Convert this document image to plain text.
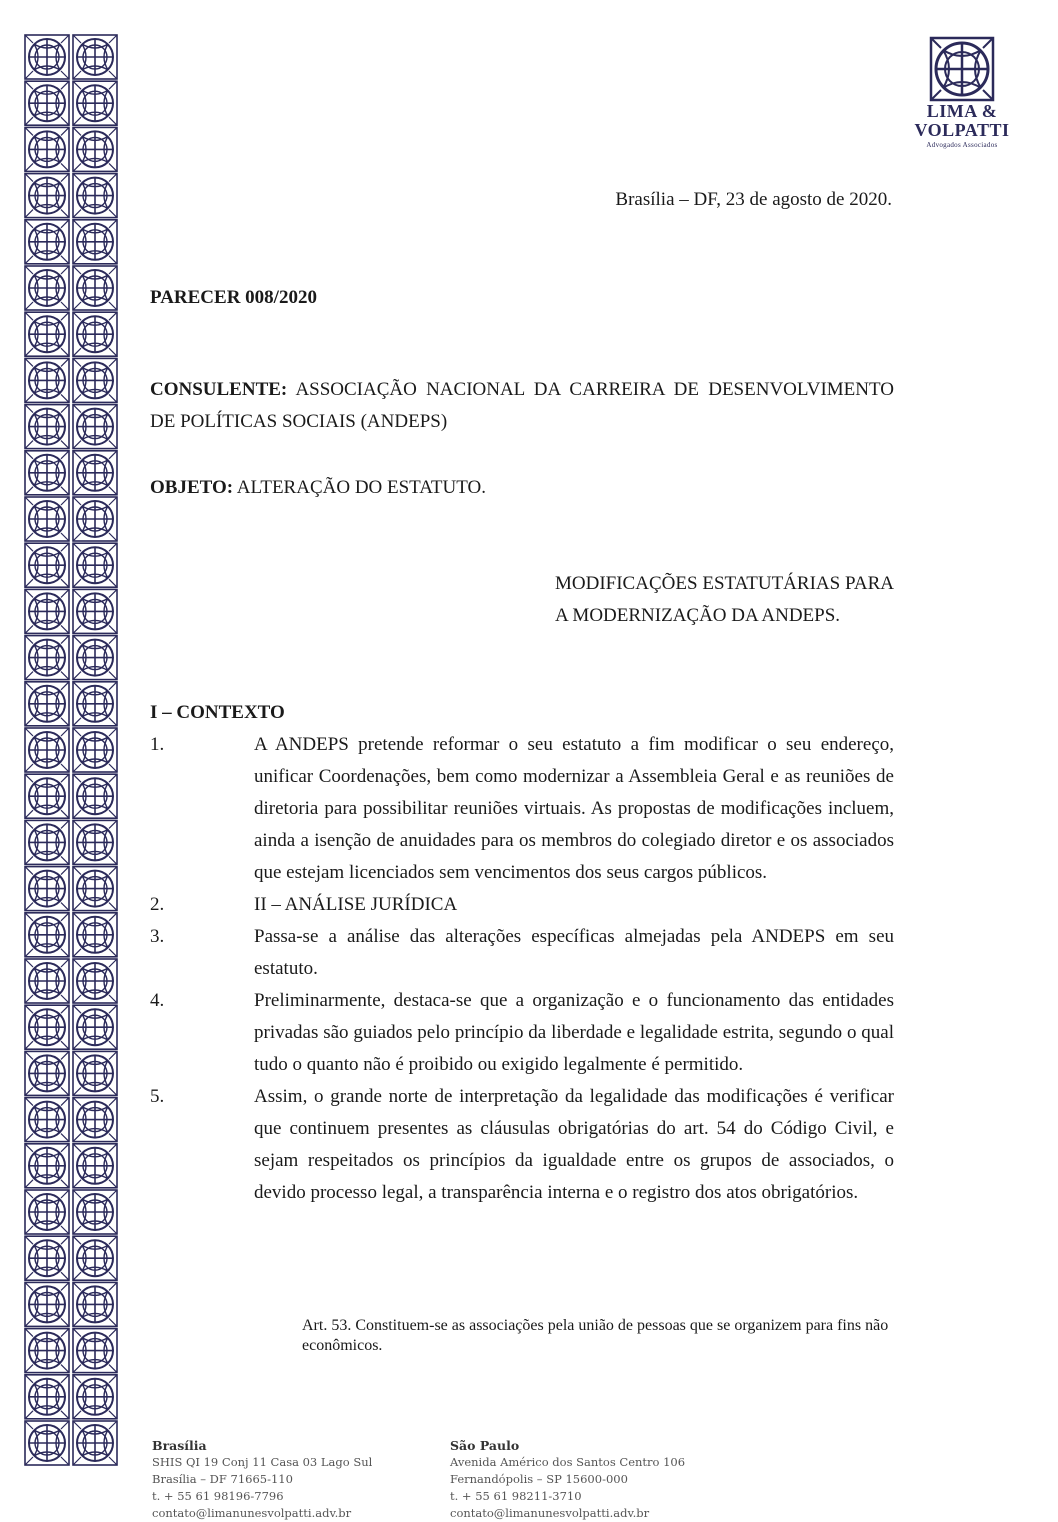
LIMA &
VOLPATTI
Advogados Associados
Brasília – DF, 23 de agosto de 2020.
PARECER 008/2020
CONSULENTE: ASSOCIAÇÃO NACIONAL DA CARREIRA DE DESENVOLVIMENTO DE POLÍTICAS SOCIAIS (ANDEPS)
OBJETO: ALTERAÇÃO DO ESTATUTO.
MODIFICAÇÕES ESTATUTÁRIAS PARA A MODERNIZAÇÃO DA ANDEPS.
I – CONTEXTO
1.	A ANDEPS pretende reformar o seu estatuto a fim modificar o seu endereço, unificar Coordenações, bem como modernizar a Assembleia Geral e as reuniões de diretoria para possibilitar reuniões virtuais. As propostas de modificações incluem, ainda a isenção de anuidades para os membros do colegiado diretor e os associados que estejam licenciados sem vencimentos dos seus cargos públicos.
2.	II – ANÁLISE JURÍDICA
3.	Passa-se a análise das alterações específicas almejadas pela ANDEPS em seu estatuto.
4.	Preliminarmente, destaca-se que a organização e o funcionamento das entidades privadas são guiados pelo princípio da liberdade e legalidade estrita, segundo o qual tudo o quanto não é proibido ou exigido legalmente é permitido.
5.	Assim, o grande norte de interpretação da legalidade das modificações é verificar que continuem presentes as cláusulas obrigatórias do art. 54 do Código Civil, e sejam respeitados os princípios da igualdade entre os grupos de associados, o devido processo legal, a transparência interna e o registro dos atos obrigatórios.
Art. 53. Constituem-se as associações pela união de pessoas que se organizem para fins não econômicos.
Brasília
SHIS QI 19 Conj 11 Casa 03 Lago Sul
Brasília – DF 71665-110
t. + 55 61 98196-7796
contato@limanunesvolpatti.adv.br
São Paulo
Avenida Américo dos Santos Centro 106
Fernandópolis – SP 15600-000
t. + 55 61 98211-3710
contato@limanunesvolpatti.adv.br
